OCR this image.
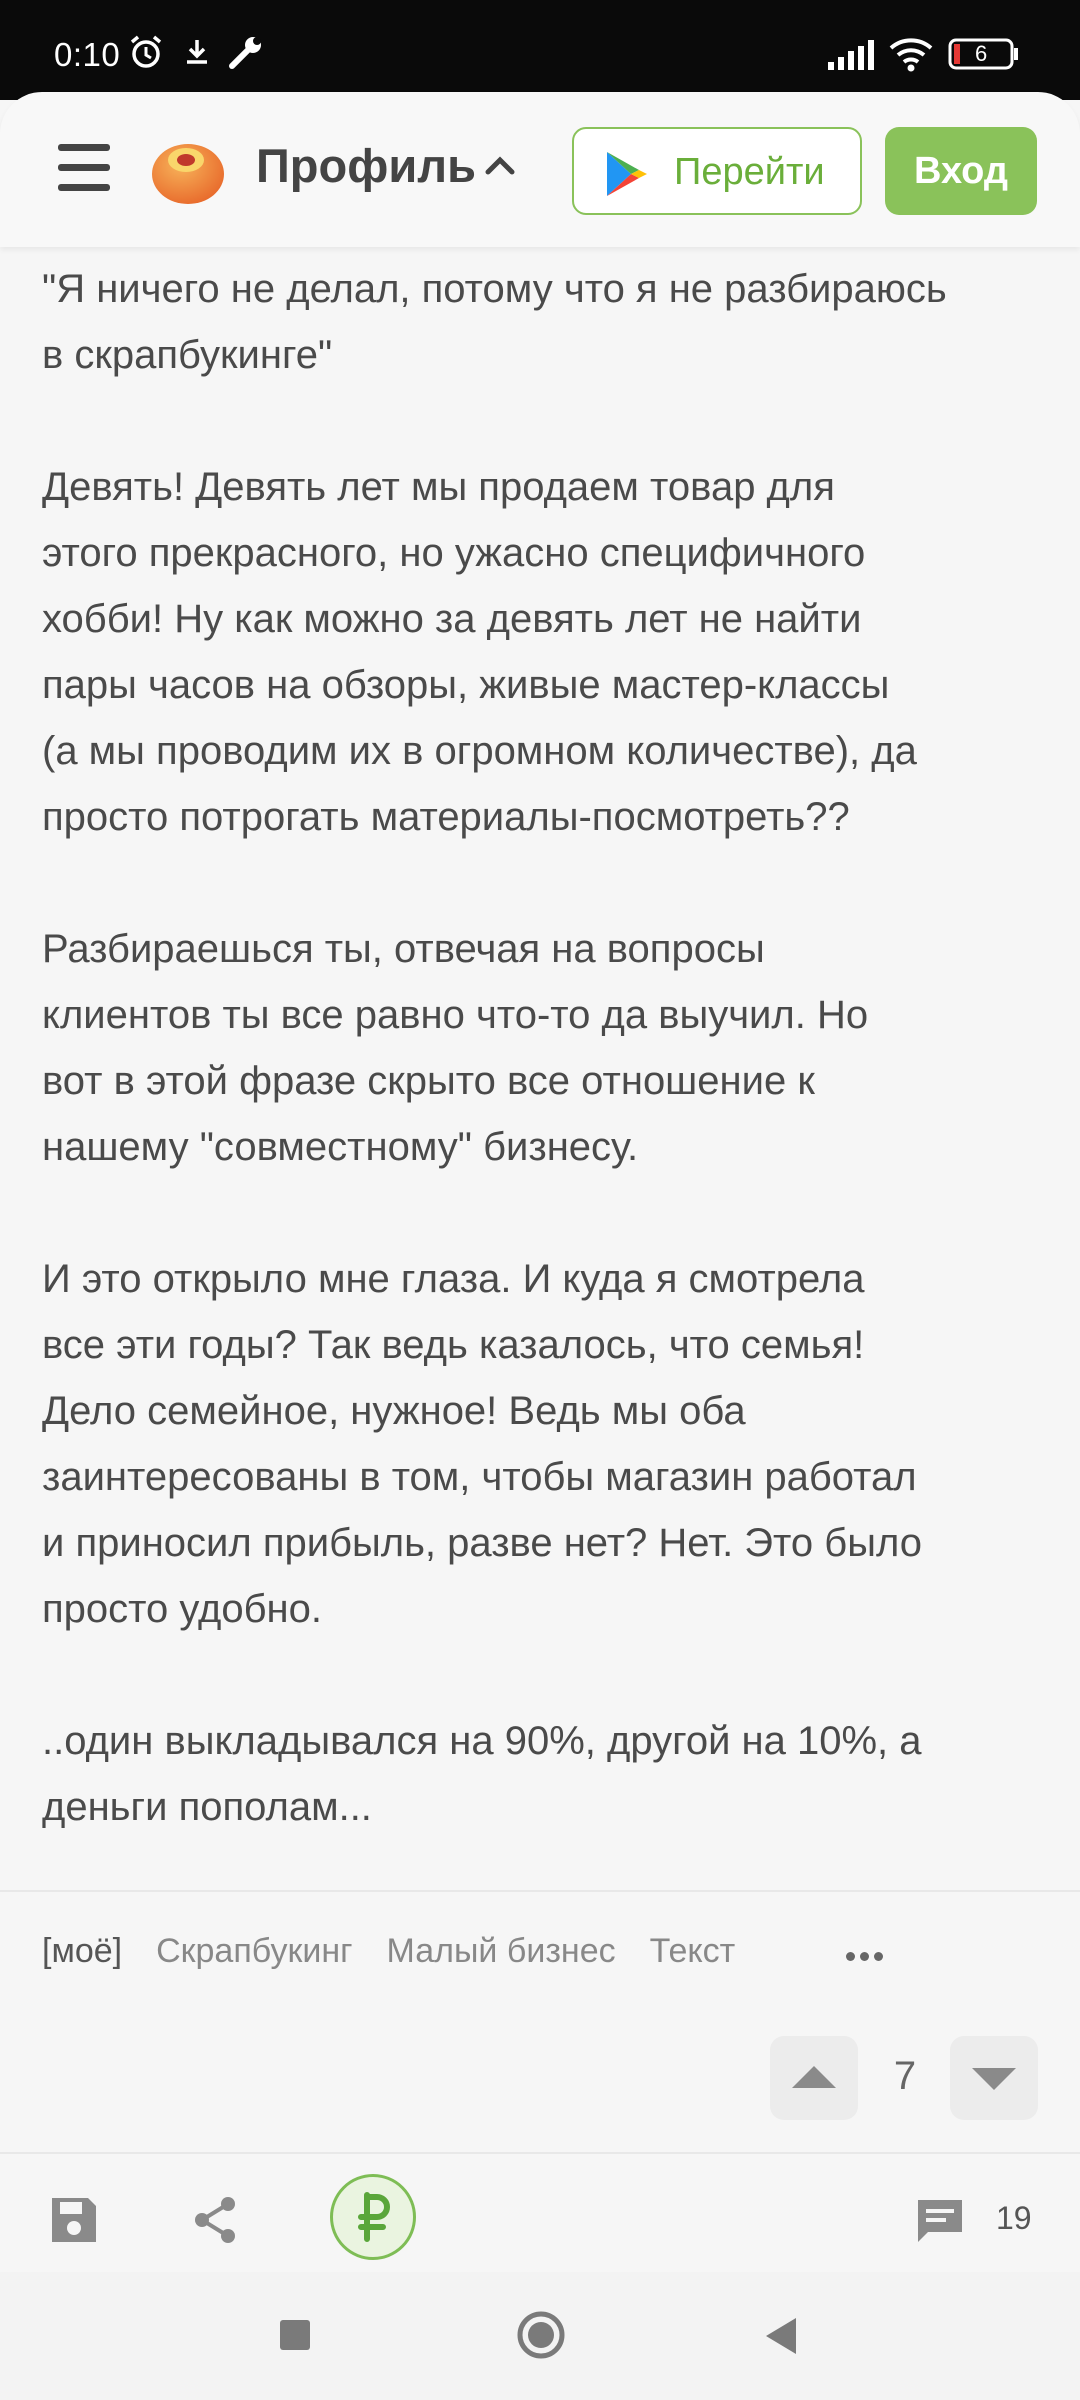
0:10	6
Профиль	Перейти	Вход

"Я ничего не делал, потому что я не разбираюсь
в скрапбукинге"

Девять! Девять лет мы продаем товар для
этого прекрасного, но ужасно специфичного
хобби! Ну как можно за девять лет не найти
пары часов на обзоры, живые мастер-классы
(а мы проводим их в огромном количестве), да
просто потрогать материалы-посмотреть??

Разбираешься ты, отвечая на вопросы
клиентов ты все равно что-то да выучил. Но
вот в этой фразе скрыто все отношение к
нашему "совместному" бизнесу.

И это открыло мне глаза. И куда я смотрела
все эти годы? Так ведь казалось, что семья!
Дело семейное, нужное! Ведь мы оба
заинтересованы в том, чтобы магазин работал
и приносил прибыль, разве нет? Нет. Это было
просто удобно.

..один выкладывался на 90%, другой на 10%, а
деньги пополам...

[моё] Скрапбукинг Малый бизнес Текст
7
19
